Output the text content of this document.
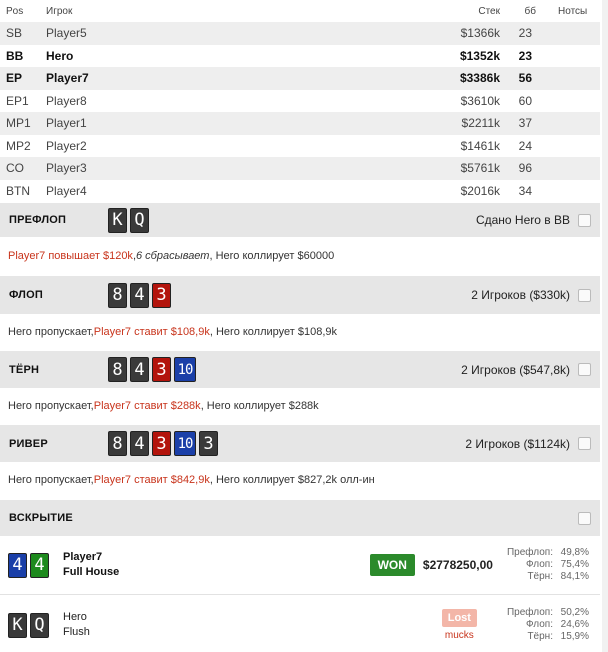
Pos	Игрок	Стек	бб	Нотсы
SB	Player5	$1366k	23	
BB	Hero	$1352k	23	
EP	Player7	$3386k	56	
EP1	Player8	$3610k	60	
MP1	Player1	$2211k	37	
MP2	Player2	$1461k	24	
CO	Player3	$5761k	96	
BTN	Player4	$2016k	34	
ПРЕФЛОП	K Q	Сдано Hero в BB
Player7 повышает $120k , 6 сбрасывает , Hero коллирует $60000
ФЛОП	8 4 3	2 Игроков ($330k)
Hero пропускает, Player7 ставит $108,9k , Hero коллирует $108,9k
ТЁРН	8 4 3 10	2 Игроков ($547,8k)
Hero пропускает, Player7 ставит $288k , Hero коллирует $288k
РИВЕР	8 4 3 10 3	2 Игроков ($1124k)
Hero пропускает, Player7 ставит $842,9k , Hero коллирует $827,2k олл-ин
ВСКРЫТИЕ
4 4	Player7
Full House	WON	$2778250,00
Префлоп: 49,8%
Флоп: 75,4%
Тёрн: 84,1%
K Q	Hero
Flush
Lost
mucks
Префлоп: 50,2%
Флоп: 24,6%
Тёрн: 15,9%
